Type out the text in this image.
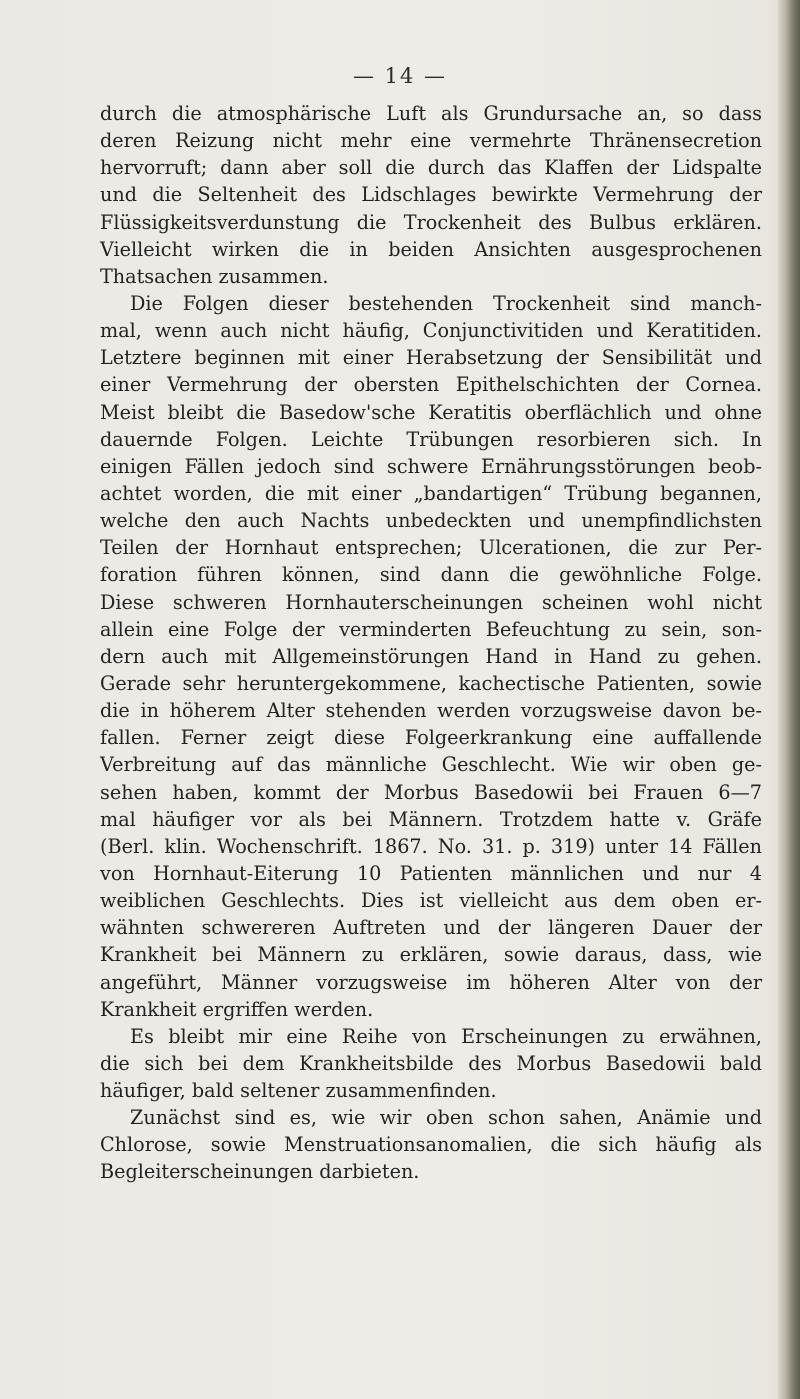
— 14 —
durch die atmosphärische Luft als Grundursache an, so dass
deren Reizung nicht mehr eine vermehrte Thränensecretion
hervorruft; dann aber soll die durch das Klaffen der Lidspalte
und die Seltenheit des Lidschlages bewirkte Vermehrung der
Flüssigkeitsverdunstung die Trockenheit des Bulbus erklären.
Vielleicht wirken die in beiden Ansichten ausgesprochenen
Thatsachen zusammen.
Die Folgen dieser bestehenden Trockenheit sind manch-
mal, wenn auch nicht häufig, Conjunctivitiden und Keratitiden.
Letztere beginnen mit einer Herabsetzung der Sensibilität und
einer Vermehrung der obersten Epithelschichten der Cornea.
Meist bleibt die Basedow'sche Keratitis oberflächlich und ohne
dauernde Folgen. Leichte Trübungen resorbieren sich. In
einigen Fällen jedoch sind schwere Ernährungsstörungen beob-
achtet worden, die mit einer „bandartigen“ Trübung begannen,
welche den auch Nachts unbedeckten und unempfindlichsten
Teilen der Hornhaut entsprechen; Ulcerationen, die zur Per-
foration führen können, sind dann die gewöhnliche Folge.
Diese schweren Hornhauterscheinungen scheinen wohl nicht
allein eine Folge der verminderten Befeuchtung zu sein, son-
dern auch mit Allgemeinstörungen Hand in Hand zu gehen.
Gerade sehr heruntergekommene, kachectische Patienten, sowie
die in höherem Alter stehenden werden vorzugsweise davon be-
fallen. Ferner zeigt diese Folgeerkrankung eine auffallende
Verbreitung auf das männliche Geschlecht. Wie wir oben ge-
sehen haben, kommt der Morbus Basedowii bei Frauen 6—7
mal häufiger vor als bei Männern. Trotzdem hatte v. Gräfe
(Berl. klin. Wochenschrift. 1867. No. 31. p. 319) unter 14 Fällen
von Hornhaut-Eiterung 10 Patienten männlichen und nur 4
weiblichen Geschlechts. Dies ist vielleicht aus dem oben er-
wähnten schwereren Auftreten und der längeren Dauer der
Krankheit bei Männern zu erklären, sowie daraus, dass, wie
angeführt, Männer vorzugsweise im höheren Alter von der
Krankheit ergriffen werden.
Es bleibt mir eine Reihe von Erscheinungen zu erwähnen,
die sich bei dem Krankheitsbilde des Morbus Basedowii bald
häufiger, bald seltener zusammenfinden.
Zunächst sind es, wie wir oben schon sahen, Anämie und
Chlorose, sowie Menstruationsanomalien, die sich häufig als
Begleiterscheinungen darbieten.
